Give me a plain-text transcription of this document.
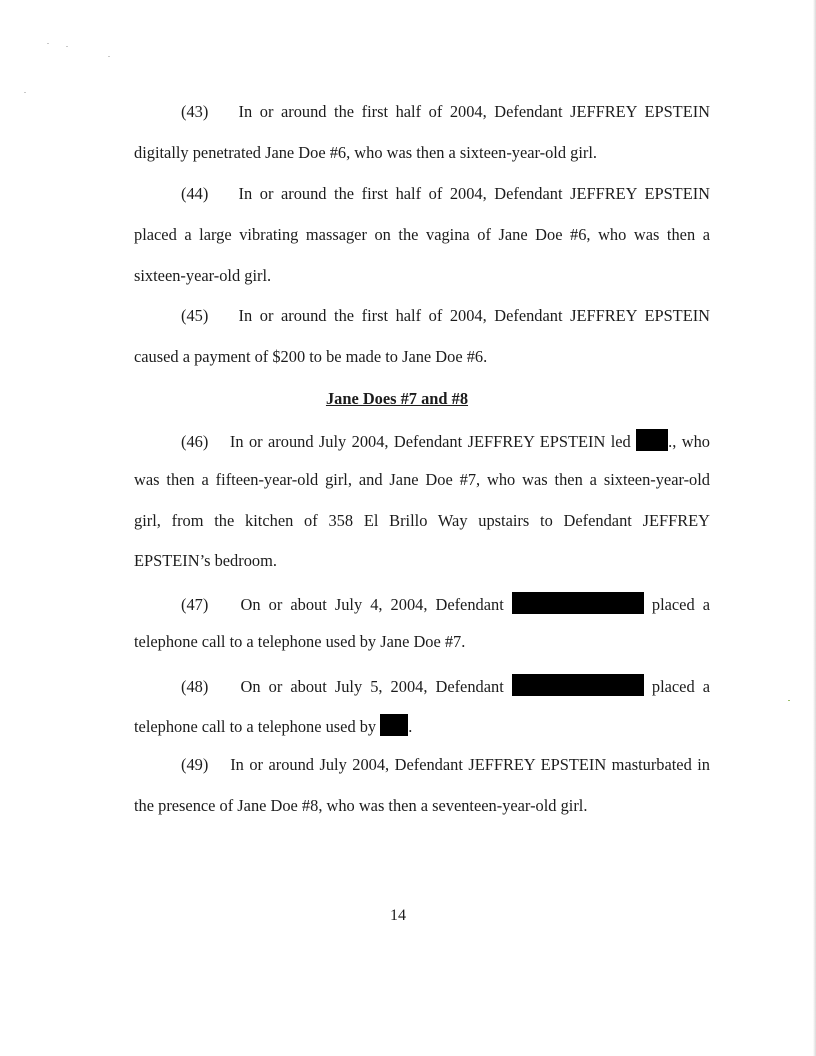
(43) In or around the first half of 2004, Defendant JEFFREY EPSTEIN
digitally penetrated Jane Doe #6, who was then a sixteen-year-old girl.
(44) In or around the first half of 2004, Defendant JEFFREY EPSTEIN
placed a large vibrating massager on the vagina of Jane Doe #6, who was then a
sixteen-year-old girl.
(45) In or around the first half of 2004, Defendant JEFFREY EPSTEIN
caused a payment of $200 to be made to Jane Doe #6.
Jane Does #7 and #8
(46) In or around July 2004, Defendant JEFFREY EPSTEIN led ., who
was then a fifteen-year-old girl, and Jane Doe #7, who was then a sixteen-year-old
girl, from the kitchen of 358 El Brillo Way upstairs to Defendant JEFFREY
EPSTEIN’s bedroom.
(47) On or about July 4, 2004, Defendant	placed a
telephone call to a telephone used by Jane Doe #7.
(48) On or about July 5, 2004, Defendant	placed a
telephone call to a telephone used by .
(49) In or around July 2004, Defendant JEFFREY EPSTEIN masturbated in
the presence of Jane Doe #8, who was then a seventeen-year-old girl.
14
